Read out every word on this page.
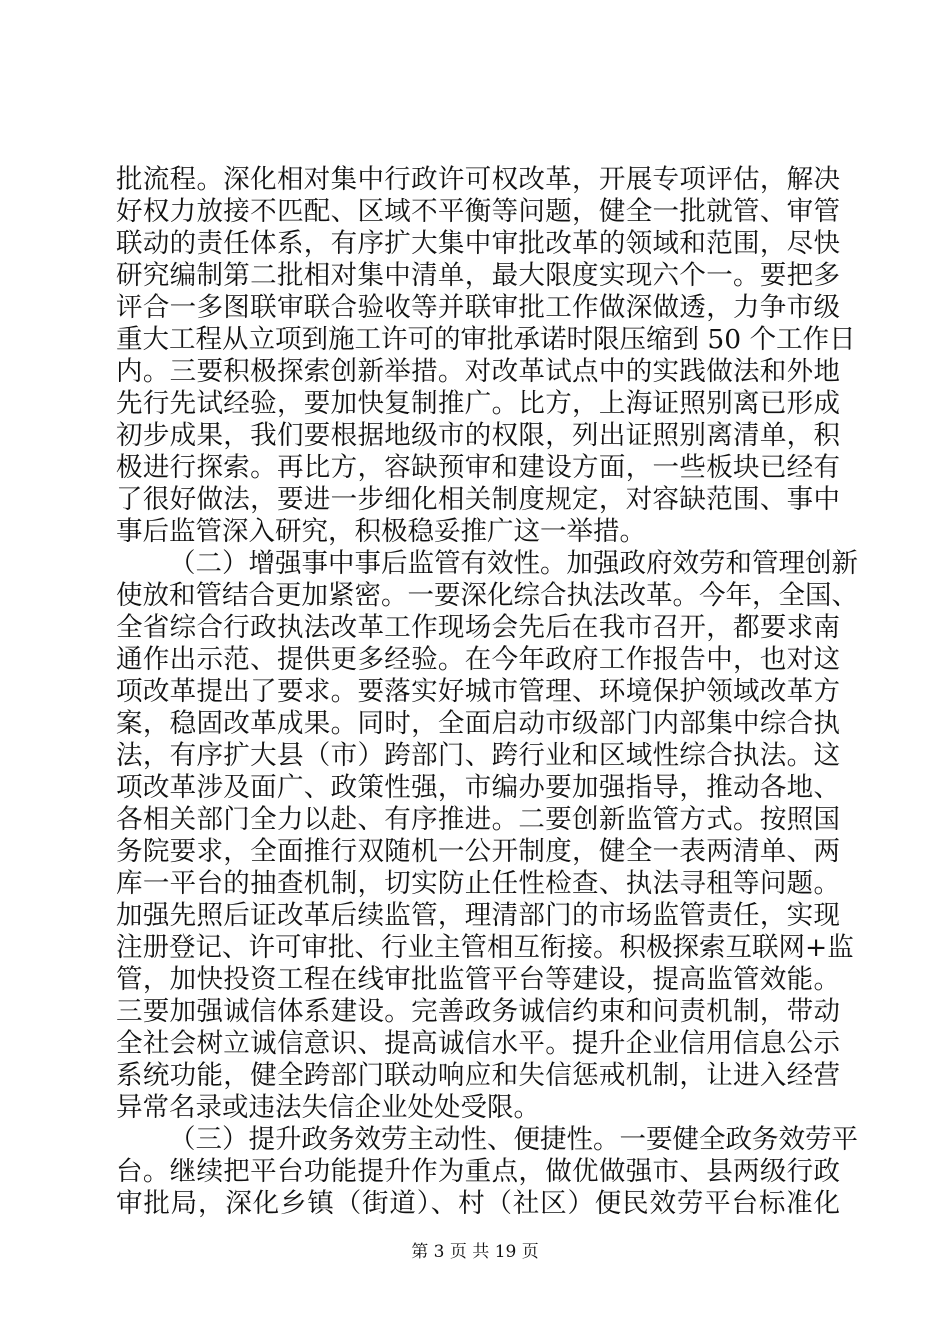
批流程。深化相对集中行政许可权改革，开展专项评估，解决
好权力放接不匹配、区域不平衡等问题，健全一批就管、审管
联动的责任体系，有序扩大集中审批改革的领域和范围，尽快
研究编制第二批相对集中清单，最大限度实现六个一。要把多
评合一多图联审联合验收等并联审批工作做深做透，力争市级
重大工程从立项到施工许可的审批承诺时限压缩到 50 个工作日
内。三要积极探索创新举措。对改革试点中的实践做法和外地
先行先试经验，要加快复制推广。比方，上海证照别离已形成
初步成果，我们要根据地级市的权限，列出证照别离清单，积
极进行探索。再比方，容缺预审和建设方面，一些板块已经有
了很好做法，要进一步细化相关制度规定，对容缺范围、事中
事后监管深入研究，积极稳妥推广这一举措。
（二）增强事中事后监管有效性。加强政府效劳和管理创新
使放和管结合更加紧密。一要深化综合执法改革。今年，全国、
全省综合行政执法改革工作现场会先后在我市召开，都要求南
通作出示范、提供更多经验。在今年政府工作报告中，也对这
项改革提出了要求。要落实好城市管理、环境保护领域改革方
案，稳固改革成果。同时，全面启动市级部门内部集中综合执
法，有序扩大县（市）跨部门、跨行业和区域性综合执法。这
项改革涉及面广、政策性强，市编办要加强指导，推动各地、
各相关部门全力以赴、有序推进。二要创新监管方式。按照国
务院要求，全面推行双随机一公开制度，健全一表两清单、两
库一平台的抽查机制，切实防止任性检查、执法寻租等问题。
加强先照后证改革后续监管，理清部门的市场监管责任，实现
注册登记、许可审批、行业主管相互衔接。积极探索互联网+监
管，加快投资工程在线审批监管平台等建设，提高监管效能。
三要加强诚信体系建设。完善政务诚信约束和问责机制，带动
全社会树立诚信意识、提高诚信水平。提升企业信用信息公示
系统功能，健全跨部门联动响应和失信惩戒机制，让进入经营
异常名录或违法失信企业处处受限。
（三）提升政务效劳主动性、便捷性。一要健全政务效劳平
台。继续把平台功能提升作为重点，做优做强市、县两级行政
审批局，深化乡镇（街道）、村（社区）便民效劳平台标准化
第 3 页 共 19 页
